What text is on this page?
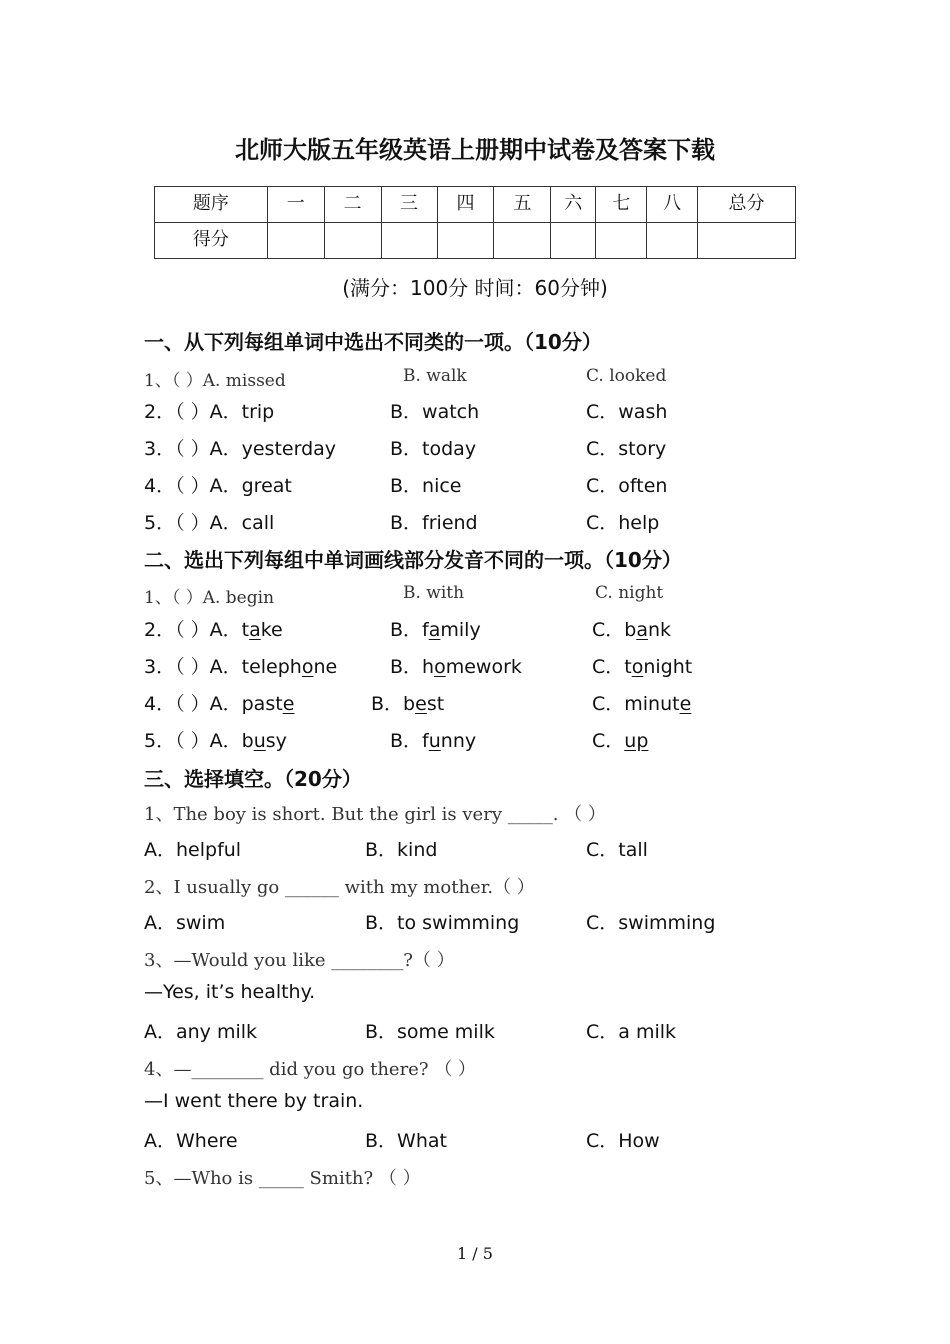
北师大版五年级英语上册期中试卷及答案下载
题序	一	二	三	四	五	六	七	八	总分
得分									
(满分：100分 时间：60分钟)
一、从下列每组单词中选出不同类的一项。（10分）
1、（ ）A. missed	B. walk	C. looked
2．（ ）A．trip	B．watch	C．wash
3．（ ）A．yesterday	B．today	C．story
4．（ ）A．great	B．nice	C．often
5．（ ）A．call	B．friend	C．help
二、选出下列每组中单词画线部分发音不同的一项。（10分）
1、（ ）A. begin	B. with	C. night
2．（ ）A．take	B．family	C．bank
3．（ ）A．telephone	B．homework	C．tonight
4．（ ）A．paste	B．best	C．minute
5．（ ）A．busy	B．funny	C．up
三、选择填空。（20分）
1、The boy is short. But the girl is very _____. （ ）
A．helpful	B．kind	C．tall
2、I usually go ______ with my mother.（ ）
A．swim	B．to swimming	C．swimming
3、—Would you like ________?（ ）
—Yes, it’s healthy.
A．any milk	B．some milk	C．a milk
4、—________ did you go there? （ ）
—I went there by train.
A．Where	B．What	C．How
5、—Who is _____ Smith? （ ）
1 / 5
